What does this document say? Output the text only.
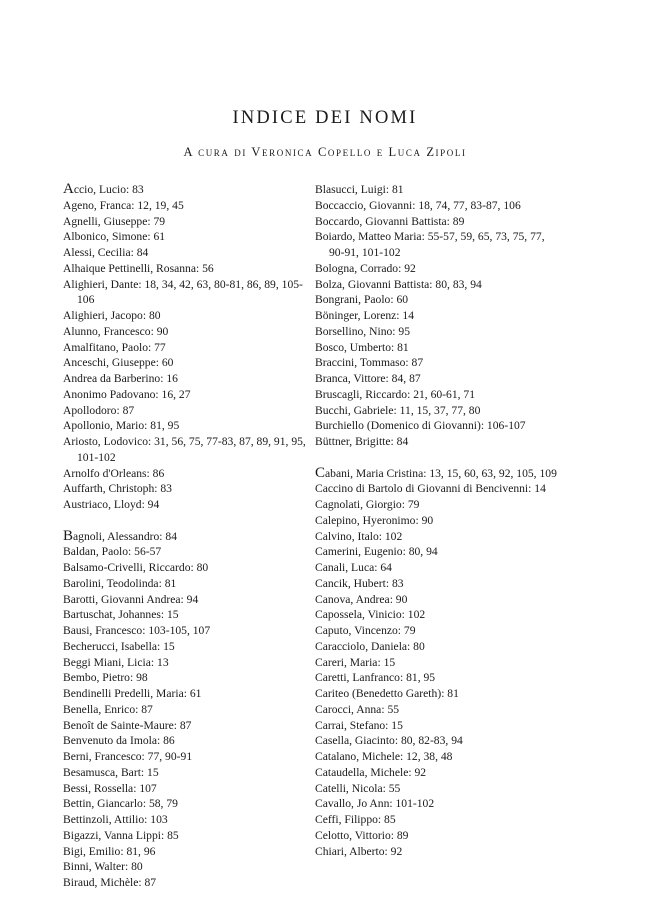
INDICE DEI NOMI

A cura di Veronica Copello e Luca Zipoli

Accio, Lucio: 83

Ageno, Franca: 12, 19, 45

Agnelli, Giuseppe: 79

Albonico, Simone: 61

Alessi, Cecilia: 84

Alhaique Pettinelli, Rosanna: 56

Alighieri, Dante: 18, 34, 42, 63, 80-81, 86, 89, 105-106

Alighieri, Jacopo: 80

Alunno, Francesco: 90

Amalfitano, Paolo: 77

Anceschi, Giuseppe: 60

Andrea da Barberino: 16

Anonimo Padovano: 16, 27

Apollodoro: 87

Apollonio, Mario: 81, 95

Ariosto, Lodovico: 31, 56, 75, 77-83, 87, 89, 91, 95, 101-102

Arnolfo d'Orleans: 86

Auffarth, Christoph: 83

Austriaco, Lloyd: 94

Bagnoli, Alessandro: 84

Baldan, Paolo: 56-57

Balsamo-Crivelli, Riccardo: 80

Barolini, Teodolinda: 81

Barotti, Giovanni Andrea: 94

Bartuschat, Johannes: 15

Bausi, Francesco: 103-105, 107

Becherucci, Isabella: 15

Beggi Miani, Licia: 13

Bembo, Pietro: 98

Bendinelli Predelli, Maria: 61

Benella, Enrico: 87

Benoît de Sainte-Maure: 87

Benvenuto da Imola: 86

Berni, Francesco: 77, 90-91

Besamusca, Bart: 15

Bessi, Rossella: 107

Bettin, Giancarlo: 58, 79

Bettinzoli, Attilio: 103

Bigazzi, Vanna Lippi: 85

Bigi, Emilio: 81, 96

Binni, Walter: 80

Biraud, Michèle: 87

Blasucci, Luigi: 81

Boccaccio, Giovanni: 18, 74, 77, 83-87, 106

Boccardo, Giovanni Battista: 89

Boiardo, Matteo Maria: 55-57, 59, 65, 73, 75, 77, 90-91, 101-102

Bologna, Corrado: 92

Bolza, Giovanni Battista: 80, 83, 94

Bongrani, Paolo: 60

Böninger, Lorenz: 14

Borsellino, Nino: 95

Bosco, Umberto: 81

Braccini, Tommaso: 87

Branca, Vittore: 84, 87

Bruscagli, Riccardo: 21, 60-61, 71

Bucchi, Gabriele: 11, 15, 37, 77, 80

Burchiello (Domenico di Giovanni): 106-107

Büttner, Brigitte: 84

Cabani, Maria Cristina: 13, 15, 60, 63, 92, 105, 109

Caccino di Bartolo di Giovanni di Bencivenni: 14

Cagnolati, Giorgio: 79

Calepino, Hyeronimo: 90

Calvino, Italo: 102

Camerini, Eugenio: 80, 94

Canali, Luca: 64

Cancik, Hubert: 83

Canova, Andrea: 90

Capossela, Vinicio: 102

Caputo, Vincenzo: 79

Caracciolo, Daniela: 80

Careri, Maria: 15

Caretti, Lanfranco: 81, 95

Cariteo (Benedetto Gareth): 81

Carocci, Anna: 55

Carrai, Stefano: 15

Casella, Giacinto: 80, 82-83, 94

Catalano, Michele: 12, 38, 48

Cataudella, Michele: 92

Catelli, Nicola: 55

Cavallo, Jo Ann: 101-102

Ceffi, Filippo: 85

Celotto, Vittorio: 89

Chiari, Alberto: 92
